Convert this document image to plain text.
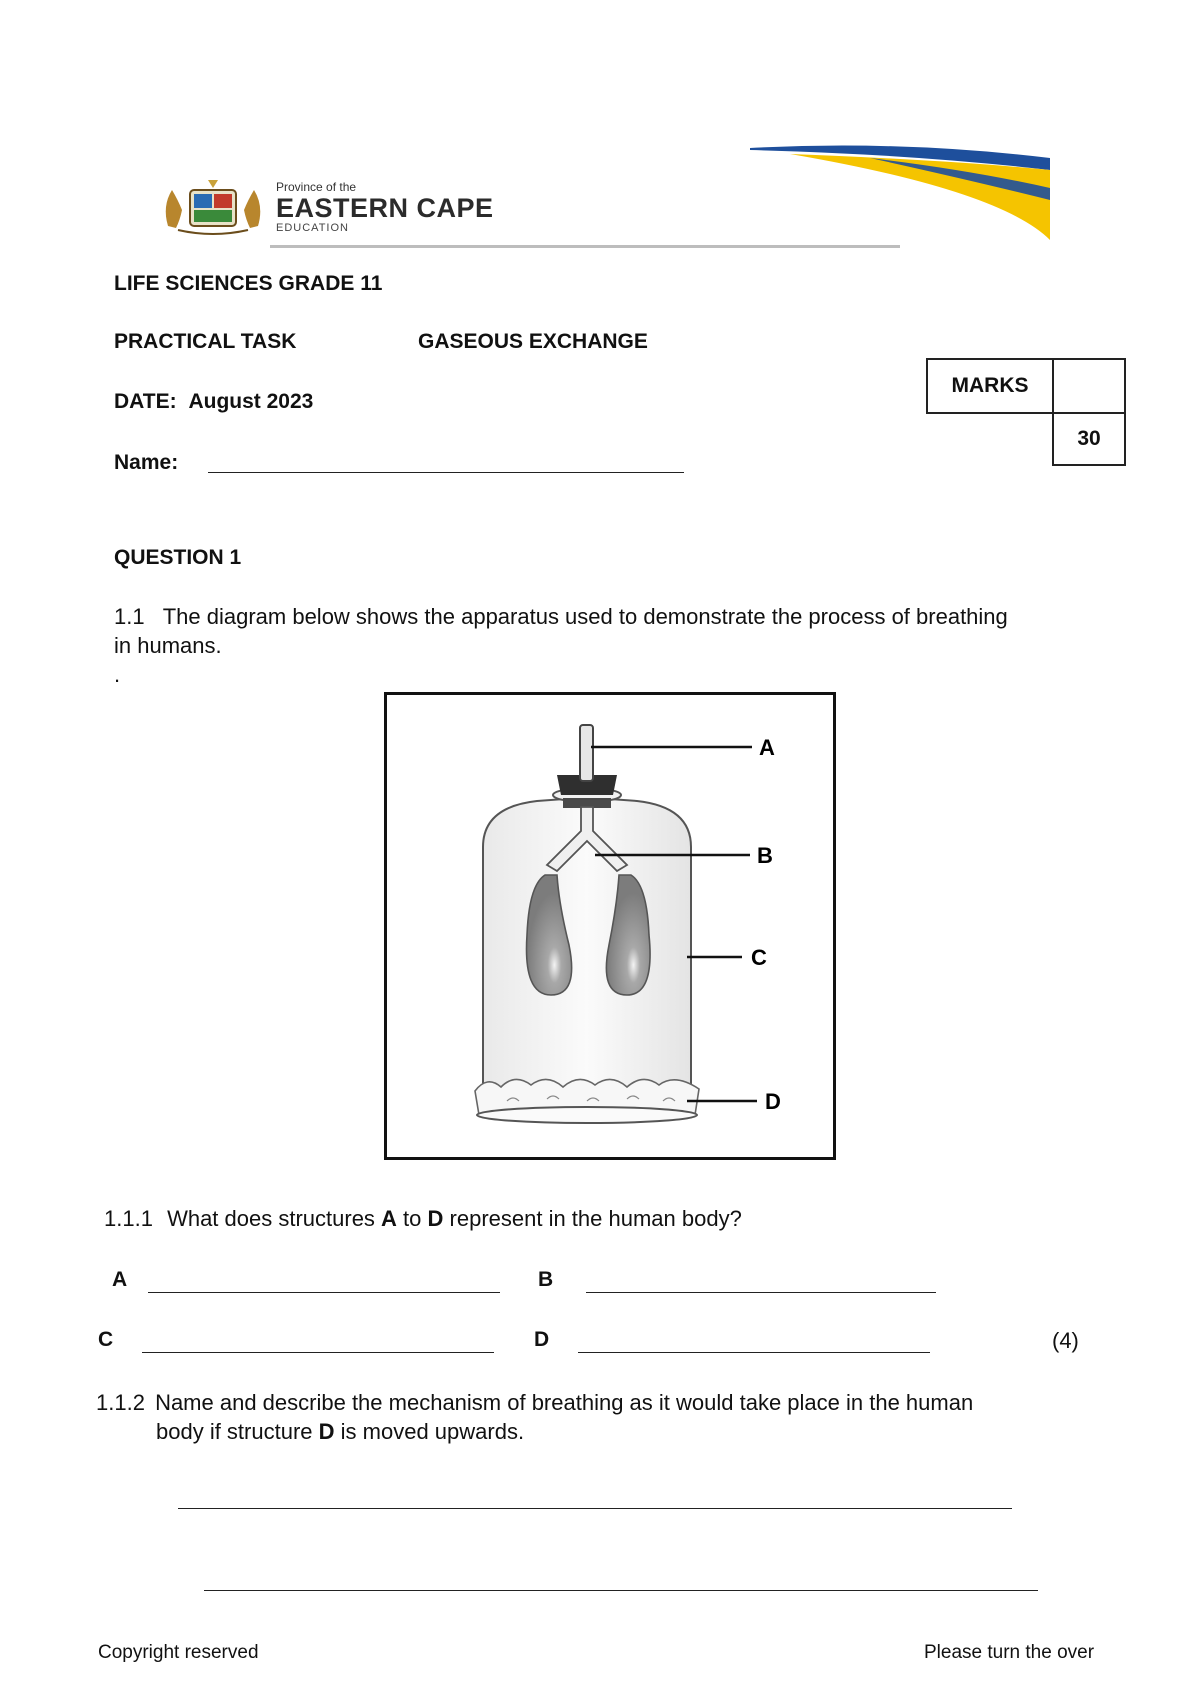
Province of the
EASTERN CAPE
EDUCATION
LIFE SCIENCES GRADE 11
PRACTICAL TASK	GASEOUS EXCHANGE
DATE: August 2023
Name:
MARKS
30
QUESTION 1
1.1 The diagram below shows the apparatus used to demonstrate the process of breathing
in humans.
.
A
B
C
D
1.1.1 What does structures A to D represent in the human body?
A	B
C	D	(4)
1.1.2 Name and describe the mechanism of breathing as it would take place in the human
body if structure D is moved upwards.
Copyright reserved	Please turn the over
